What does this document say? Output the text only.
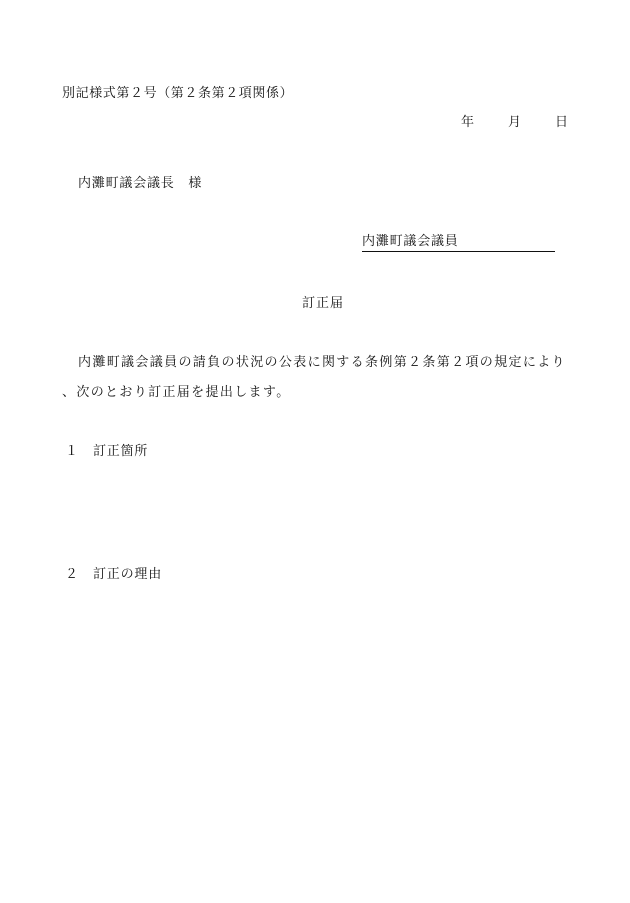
別記様式第２号（第２条第２項関係）
年	月	日
内灘町議会議長　様
内灘町議会議員
訂正届
内灘町議会議員の請負の状況の公表に関する条例第２条第２項の規定により
、次のとおり訂正届を提出します。
１ 訂正箇所
２ 訂正の理由
